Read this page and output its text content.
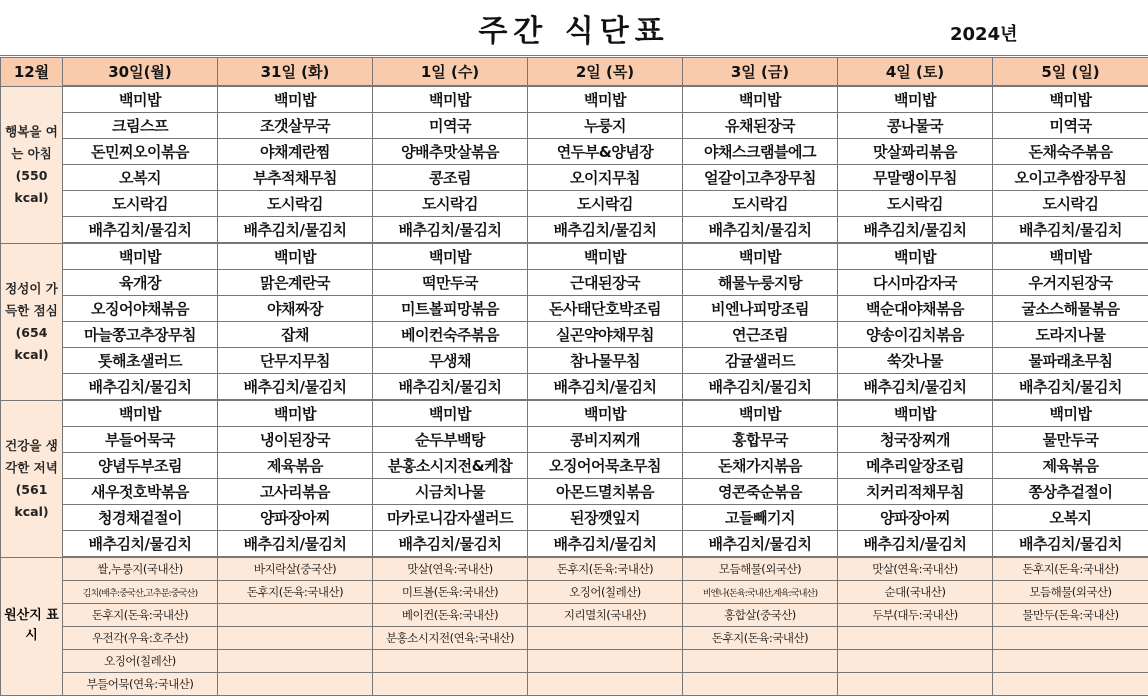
주간 식단표	2024년
12월	30일(월)	31일 (화)	1일 (수)	2일 (목)	3일 (금)	4일 (토)	5일 (일)
행복을 여는 아침 (550 kcal)	백미밥	백미밥	백미밥	백미밥	백미밥	백미밥	백미밥
	크림스프	조갯살무국	미역국	누룽지	유채된장국	콩나물국	미역국
	돈민찌오이볶음	야채계란찜	양배추맛살볶음	연두부&양념장	야채스크램블에그	맛살꽈리볶음	돈채숙주볶음
	오복지	부추적채무침	콩조림	오이지무침	얼갈이고추장무침	무말랭이무침	오이고추쌈장무침
	도시락김	도시락김	도시락김	도시락김	도시락김	도시락김	도시락김
	배추김치/물김치	배추김치/물김치	배추김치/물김치	배추김치/물김치	배추김치/물김치	배추김치/물김치	배추김치/물김치
정성이 가득한 점심 (654 kcal)	백미밥	백미밥	백미밥	백미밥	백미밥	백미밥	백미밥
	육개장	맑은계란국	떡만두국	근대된장국	해물누룽지탕	다시마감자국	우거지된장국
	오징어야채볶음	야채짜장	미트볼피망볶음	돈사태단호박조림	비엔나피망조림	백순대야채볶음	굴소스해물볶음
	마늘쫑고추장무침	잡채	베이컨숙주볶음	실곤약야채무침	연근조림	양송이김치볶음	도라지나물
	톳해초샐러드	단무지무침	무생채	참나물무침	감귤샐러드	쑥갓나물	물파래초무침
	배추김치/물김치	배추김치/물김치	배추김치/물김치	배추김치/물김치	배추김치/물김치	배추김치/물김치	배추김치/물김치
건강을 생각한 저녁 (561 kcal)	백미밥	백미밥	백미밥	백미밥	백미밥	백미밥	백미밥
	부들어묵국	냉이된장국	순두부백탕	콩비지찌개	홍합무국	청국장찌개	물만두국
	양념두부조림	제육볶음	분홍소시지전&케찹	오징어어묵초무침	돈채가지볶음	메추리알장조림	제육볶음
	새우젓호박볶음	고사리볶음	시금치나물	아몬드멸치볶음	영콘죽순볶음	치커리적채무침	쫑상추겉절이
	청경채겉절이	양파장아찌	마카로니감자샐러드	된장깻잎지	고들빼기지	양파장아찌	오복지
	배추김치/물김치	배추김치/물김치	배추김치/물김치	배추김치/물김치	배추김치/물김치	배추김치/물김치	배추김치/물김치
원산지 표시	쌀,누룽지(국내산)	바지락살(중국산)	맛살(연육:국내산)	돈후지(돈육:국내산)	모듬해물(외국산)	맛살(연육:국내산)	돈후지(돈육:국내산)
	김치(배추:중국산,고추분:중국산)	돈후지(돈육:국내산)	미트볼(돈육:국내산)	오징어(칠레산)	비엔나(돈육:국내산,계육:국내산)	순대(국내산)	모듬해물(외국산)
	돈후지(돈육:국내산)		베이컨(돈육:국내산)	지리멸치(국내산)	홍합살(중국산)	두부(대두:국내산)	물만두(돈육:국내산)
	우전각(우육:호주산)		분홍소시지전(연육:국내산)		돈후지(돈육:국내산)		
	오징어(칠레산)						
	부들어묵(연육:국내산)						
